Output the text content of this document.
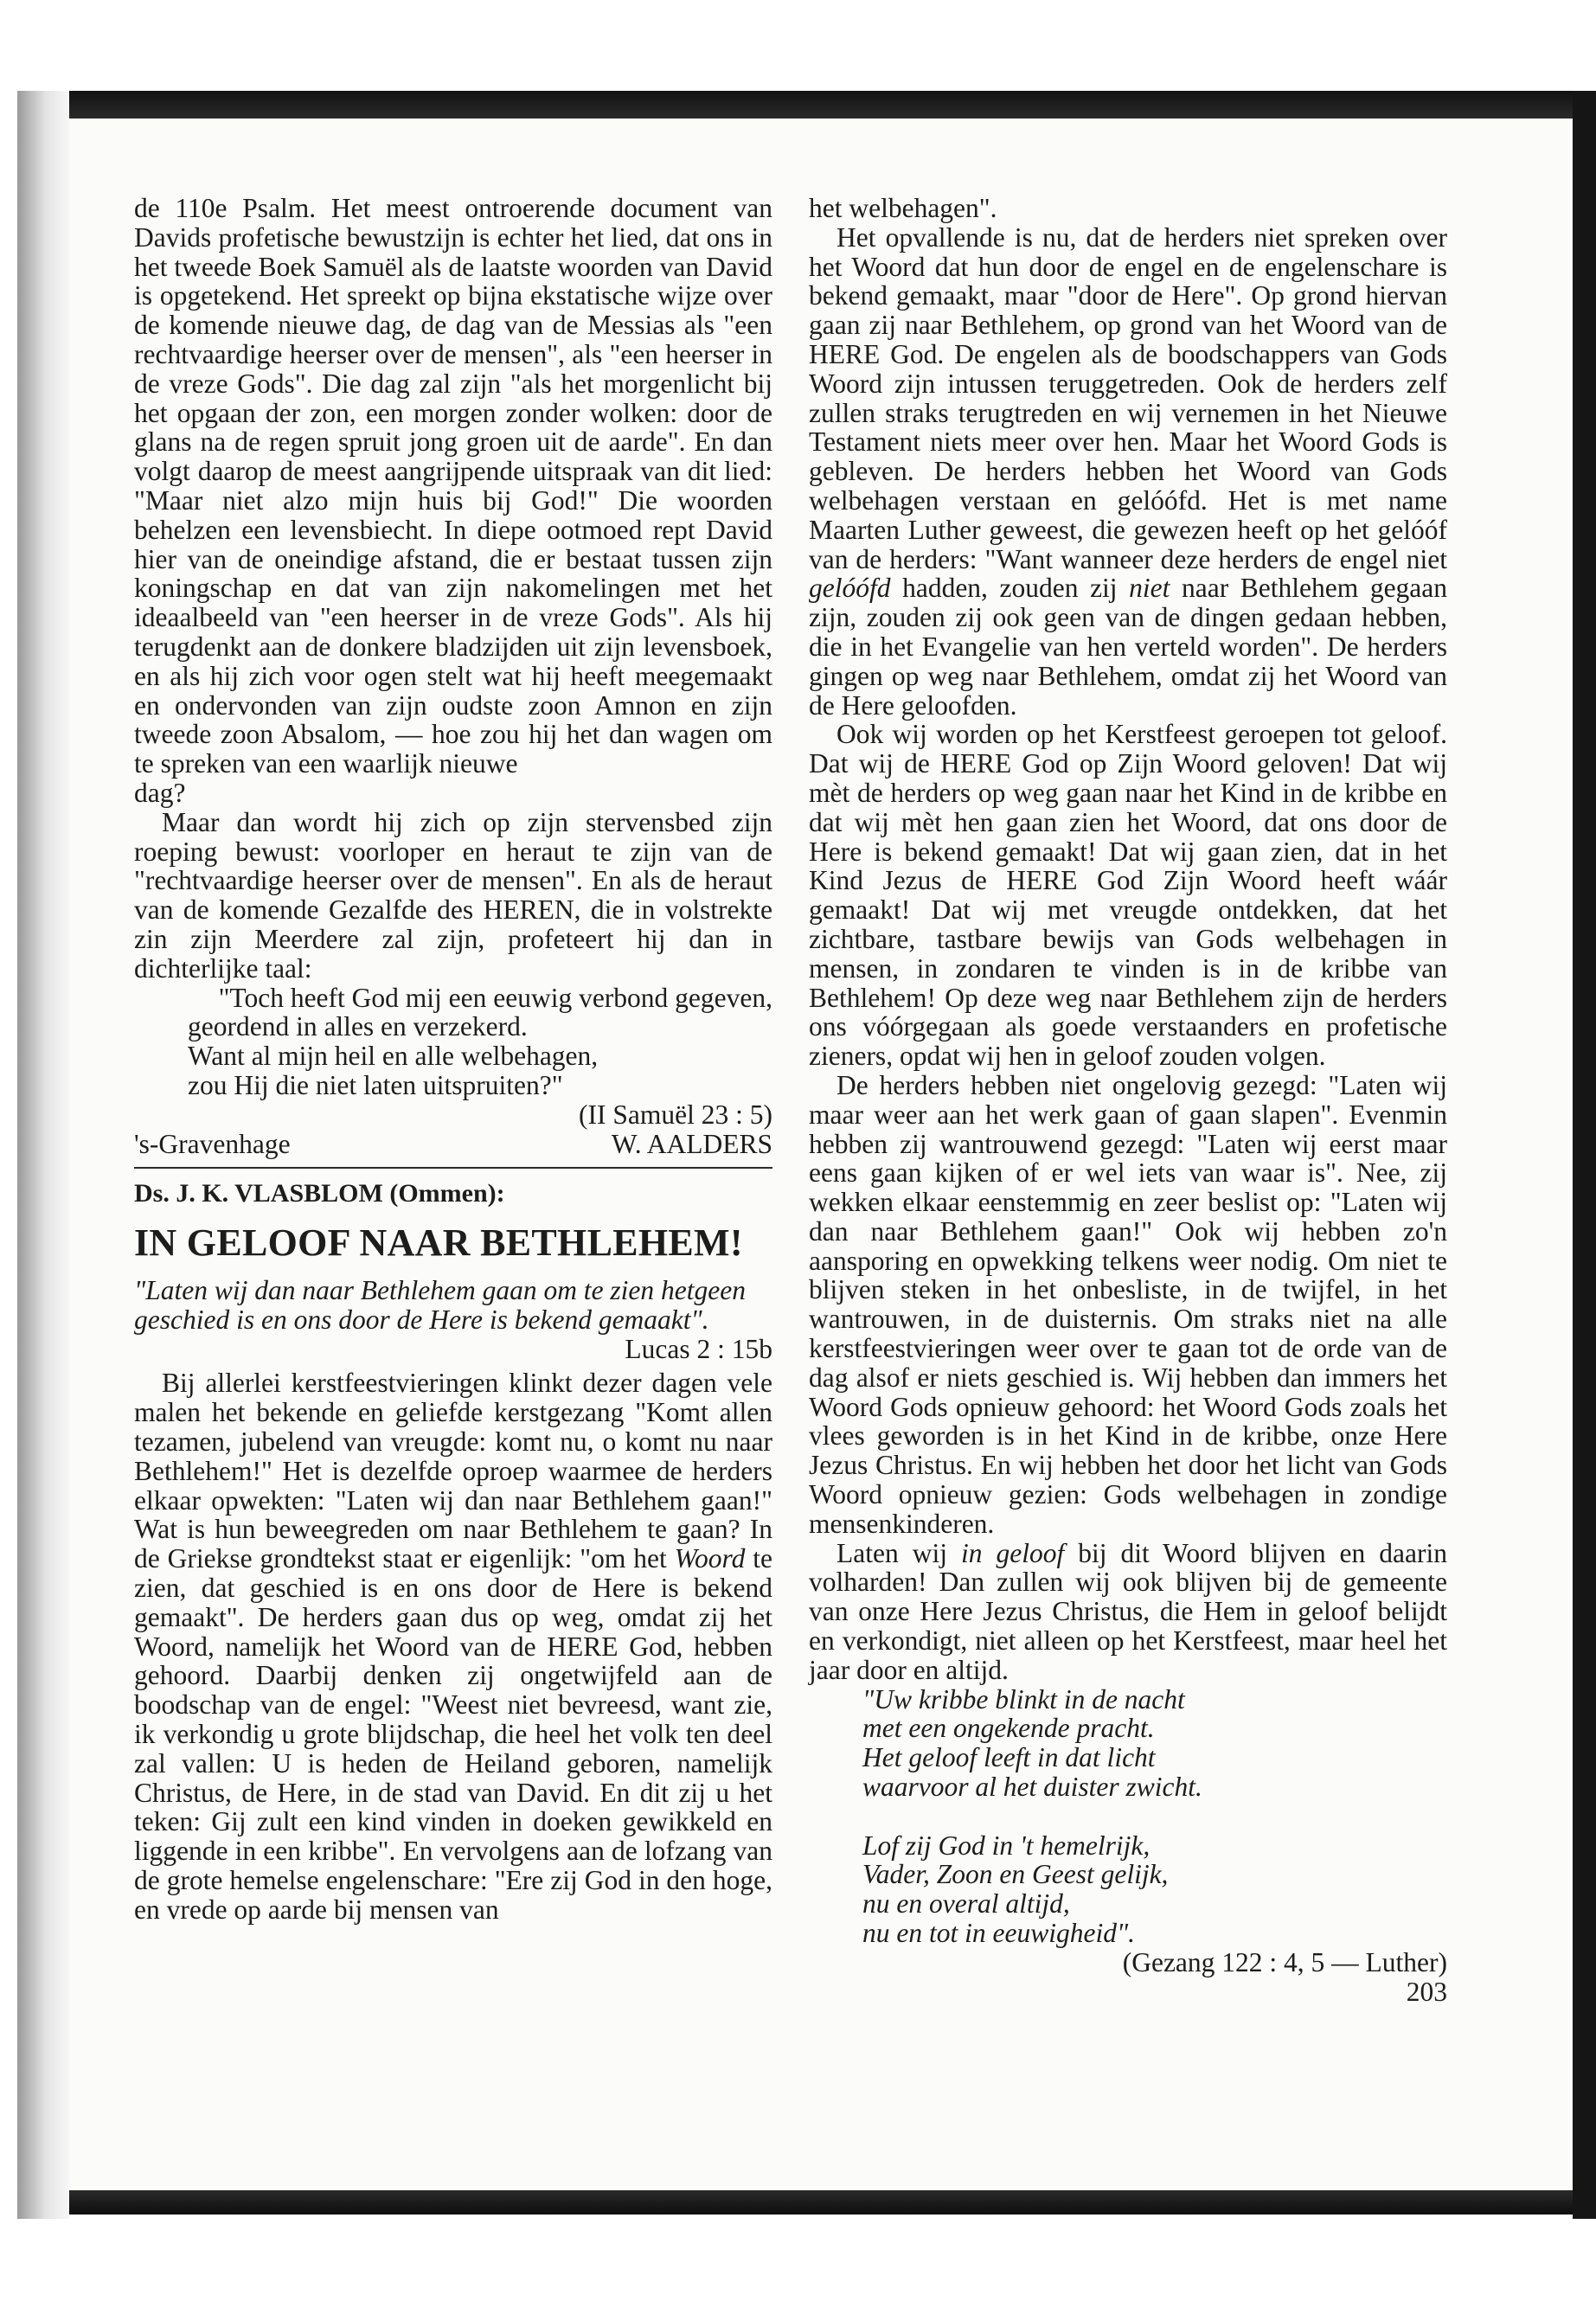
de 110e Psalm. Het meest ontroerende document van Davids profetische bewustzijn is echter het lied, dat ons in het tweede Boek Samuël als de laatste woorden van David is opgetekend. Het spreekt op bijna ekstatische wijze over de komende nieuwe dag, de dag van de Messias als "een rechtvaardige heerser over de mensen", als "een heerser in de vreze Gods". Die dag zal zijn "als het morgenlicht bij het opgaan der zon, een morgen zonder wolken: door de glans na de regen spruit jong groen uit de aarde". En dan volgt daarop de meest aangrijpende uitspraak van dit lied: "Maar niet alzo mijn huis bij God!" Die woorden behelzen een levensbiecht. In diepe ootmoed rept David hier van de oneindige afstand, die er bestaat tussen zijn koningschap en dat van zijn nakomelingen met het ideaalbeeld van "een heerser in de vreze Gods". Als hij terugdenkt aan de donkere bladzijden uit zijn levensboek, en als hij zich voor ogen stelt wat hij heeft meegemaakt en ondervonden van zijn oudste zoon Amnon en zijn tweede zoon Absalom, — hoe zou hij het dan wagen om te spreken van een waarlijk nieuwe

dag?

Maar dan wordt hij zich op zijn stervensbed zijn roeping bewust: voorloper en heraut te zijn van de "rechtvaardige heerser over de mensen". En als de heraut van de komende Gezalfde des HEREN, die in volstrekte zin zijn Meerdere zal zijn, profeteert hij dan in dichterlijke taal:

"Toch heeft God mij een eeuwig verbond gegeven,

geordend in alles en verzekerd.

Want al mijn heil en alle welbehagen,

zou Hij die niet laten uitspruiten?"

(II Samuël 23 : 5)

's-Gravenhage	W. AALDERS

Ds. J. K. VLASBLOM (Ommen):

IN GELOOF NAAR BETHLEHEM!

"Laten wij dan naar Bethlehem gaan om te zien hetgeen geschied is en ons door de Here is bekend gemaakt".

Lucas 2 : 15b

Bij allerlei kerstfeestvieringen klinkt dezer dagen vele malen het bekende en geliefde kerstgezang "Komt allen tezamen, jubelend van vreugde: komt nu, o komt nu naar Bethlehem!" Het is dezelfde oproep waarmee de herders elkaar opwekten: "Laten wij dan naar Bethlehem gaan!" Wat is hun beweegreden om naar Bethlehem te gaan? In de Griekse grondtekst staat er eigenlijk: "om het Woord te zien, dat geschied is en ons door de Here is bekend gemaakt". De herders gaan dus op weg, omdat zij het Woord, namelijk het Woord van de HERE God, hebben gehoord. Daarbij denken zij ongetwijfeld aan de boodschap van de engel: "Weest niet bevreesd, want zie, ik verkondig u grote blijdschap, die heel het volk ten deel zal vallen: U is heden de Heiland geboren, namelijk Christus, de Here, in de stad van David. En dit zij u het teken: Gij zult een kind vinden in doeken gewikkeld en liggende in een kribbe". En vervolgens aan de lofzang van de grote hemelse engelenschare: "Ere zij God in den hoge, en vrede op aarde bij mensen van

het welbehagen".

Het opvallende is nu, dat de herders niet spreken over het Woord dat hun door de engel en de engelenschare is bekend gemaakt, maar "door de Here". Op grond hiervan gaan zij naar Bethlehem, op grond van het Woord van de HERE God. De engelen als de boodschappers van Gods Woord zijn intussen teruggetreden. Ook de herders zelf zullen straks terugtreden en wij vernemen in het Nieuwe Testament niets meer over hen. Maar het Woord Gods is gebleven. De herders hebben het Woord van Gods welbehagen verstaan en gelóófd. Het is met name Maarten Luther geweest, die gewezen heeft op het gelóóf van de herders: "Want wanneer deze herders de engel niet gelóófd hadden, zouden zij niet naar Bethlehem gegaan zijn, zouden zij ook geen van de dingen gedaan hebben, die in het Evangelie van hen verteld worden". De herders gingen op weg naar Bethlehem, omdat zij het Woord van de Here geloofden.

Ook wij worden op het Kerstfeest geroepen tot geloof. Dat wij de HERE God op Zijn Woord geloven! Dat wij mèt de herders op weg gaan naar het Kind in de kribbe en dat wij mèt hen gaan zien het Woord, dat ons door de Here is bekend gemaakt! Dat wij gaan zien, dat in het Kind Jezus de HERE God Zijn Woord heeft wáár gemaakt! Dat wij met vreugde ontdekken, dat het zichtbare, tastbare bewijs van Gods welbehagen in mensen, in zondaren te vinden is in de kribbe van Bethlehem! Op deze weg naar Bethlehem zijn de herders ons vóórgegaan als goede verstaanders en profetische zieners, opdat wij hen in geloof zouden volgen.

De herders hebben niet ongelovig gezegd: "Laten wij maar weer aan het werk gaan of gaan slapen". Evenmin hebben zij wantrouwend gezegd: "Laten wij eerst maar eens gaan kijken of er wel iets van waar is". Nee, zij wekken elkaar eenstemmig en zeer beslist op: "Laten wij dan naar Bethlehem gaan!" Ook wij hebben zo'n aansporing en opwekking telkens weer nodig. Om niet te blijven steken in het onbesliste, in de twijfel, in het wantrouwen, in de duisternis. Om straks niet na alle kerstfeestvieringen weer over te gaan tot de orde van de dag alsof er niets geschied is. Wij hebben dan immers het Woord Gods opnieuw gehoord: het Woord Gods zoals het vlees geworden is in het Kind in de kribbe, onze Here Jezus Christus. En wij hebben het door het licht van Gods Woord opnieuw gezien: Gods welbehagen in zondige mensenkinderen.

Laten wij in geloof bij dit Woord blijven en daarin volharden! Dan zullen wij ook blijven bij de gemeente van onze Here Jezus Christus, die Hem in geloof belijdt en verkondigt, niet alleen op het Kerstfeest, maar heel het jaar door en altijd.

"Uw kribbe blinkt in de nacht

met een ongekende pracht.

Het geloof leeft in dat licht

waarvoor al het duister zwicht.

Lof zij God in 't hemelrijk,

Vader, Zoon en Geest gelijk,

nu en overal altijd,

nu en tot in eeuwigheid".

(Gezang 122 : 4, 5 — Luther)

203
